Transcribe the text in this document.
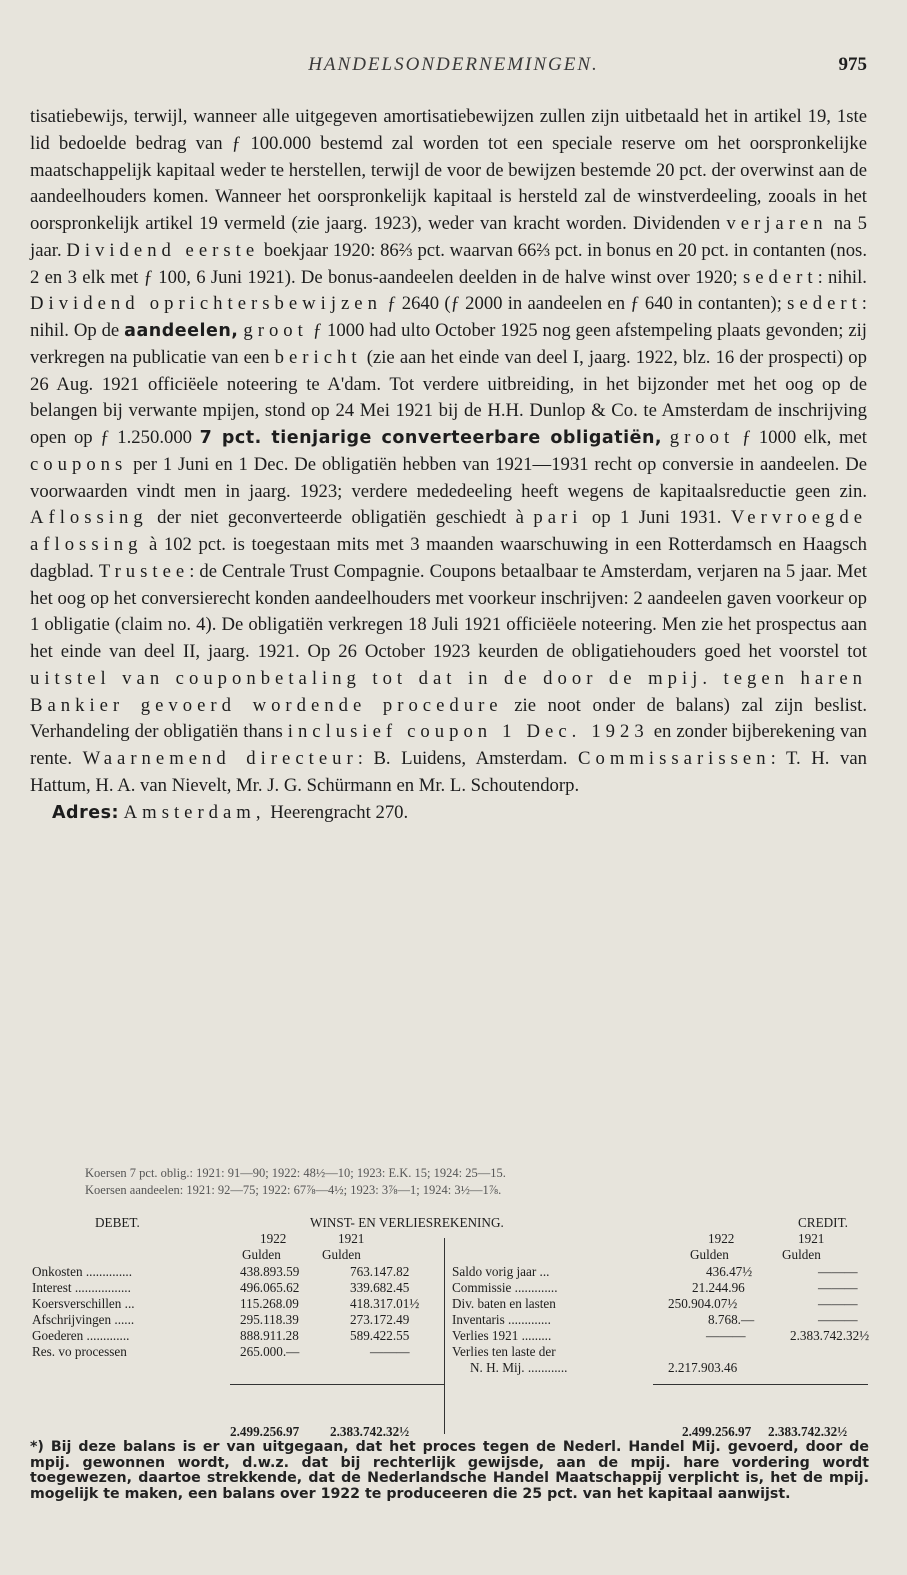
HANDELSONDERNEMINGEN.	975

tisatiebewijs, terwijl, wanneer alle uitgegeven amortisatiebewijzen zullen zijn uitbetaald het in artikel 19, 1ste lid bedoelde bedrag van ƒ 100.000 bestemd zal worden tot een speciale reserve om het oorspronkelijke maatschappelijk kapitaal weder te herstellen, terwijl de voor de bewijzen bestemde 20 pct. der overwinst aan de aandeelhouders komen. Wanneer het oorspronkelijk kapitaal is hersteld zal de winstverdeeling, zooals in het oorspronkelijk artikel 19 vermeld (zie jaarg. 1923), weder van kracht worden. Dividenden verjaren na 5 jaar. Dividend eerste boekjaar 1920: 86⅔ pct. waarvan 66⅔ pct. in bonus en 20 pct. in contanten (nos. 2 en 3 elk met ƒ 100, 6 Juni 1921). De bonus-aandeelen deelden in de halve winst over 1920; sedert: nihil. Dividend oprichtersbewijzen ƒ 2640 (ƒ 2000 in aandeelen en ƒ 640 in contanten); sedert: nihil. Op de aandeelen, groot ƒ 1000 had ulto October 1925 nog geen afstempeling plaats gevonden; zij verkregen na publicatie van een bericht (zie aan het einde van deel I, jaarg. 1922, blz. 16 der prospecti) op 26 Aug. 1921 officiëele noteering te A'dam. Tot verdere uitbreiding, in het bijzonder met het oog op de belangen bij verwante mpijen, stond op 24 Mei 1921 bij de H.H. Dunlop & Co. te Amsterdam de inschrijving open op ƒ 1.250.000 7 pct. tienjarige converteerbare obligatiën, groot ƒ 1000 elk, met coupons per 1 Juni en 1 Dec. De obligatiën hebben van 1921—1931 recht op conversie in aandeelen. De voorwaarden vindt men in jaarg. 1923; verdere mededeeling heeft wegens de kapitaalsreductie geen zin. Aflossing der niet geconverteerde obligatiën geschiedt à pari op 1 Juni 1931. Vervroegde aflossing à 102 pct. is toegestaan mits met 3 maanden waarschuwing in een Rotterdamsch en Haagsch dagblad. Trustee: de Centrale Trust Compagnie. Coupons betaalbaar te Amsterdam, verjaren na 5 jaar. Met het oog op het conversierecht konden aandeelhouders met voorkeur inschrijven: 2 aandeelen gaven voorkeur op 1 obligatie (claim no. 4). De obligatiën verkregen 18 Juli 1921 officiëele noteering. Men zie het prospectus aan het einde van deel II, jaarg. 1921. Op 26 October 1923 keurden de obligatiehouders goed het voorstel tot uitstel van couponbetaling tot dat in de door de mpij. tegen haren Bankier gevoerd wordende procedure zie noot onder de balans) zal zijn beslist. Verhandeling der obligatiën thans inclusief coupon 1 Dec. 1923 en zonder bijberekening van rente. Waarnemend directeur: B. Luidens, Amsterdam. Commissarissen: T. H. van Hattum, H. A. van Nievelt, Mr. J. G. Schürmann en Mr. L. Schoutendorp.

Adres: Amsterdam, Heerengracht 270.

Koersen 7 pct. oblig.: 1921: 91—90; 1922: 48½—10; 1923: E.K. 15; 1924: 25—15.
Koersen aandeelen: 1921: 92—75; 1922: 67⅞—4½; 1923: 3⅞—1; 1924: 3½—1⅞.
DEBET.	WINST- EN VERLIESREKENING.	CREDIT.
1922	1921	1922	1921
Gulden	Gulden	Gulden	Gulden
Onkosten ..............	438.893.59	763.147.82	Saldo vorig jaar ...	436.47½	———
Interest .................	496.065.62	339.682.45	Commissie .............	21.244.96	———
Koersverschillen ...	115.268.09	418.317.01½ Div. baten en lasten	250.904.07½	———
Afschrijvingen ......	295.118.39	273.172.49	Inventaris .............	8.768.—	———
Goederen .............	888.911.28	589.422.55	Verlies 1921 .........	———	2.383.742.32½
Res. vo processen	265.000.—	———	Verlies ten laste der
N. H. Mij. ............	2.217.903.46
2.499.256.97 2.383.742.32½	2.499.256.97 2.383.742.32½

*) Bij deze balans is er van uitgegaan, dat het proces tegen de Nederl. Handel Mij. gevoerd, door de mpij. gewonnen wordt, d.w.z. dat bij rechterlijk gewijsde, aan de mpij. hare vordering wordt toegewezen, daartoe strekkende, dat de Nederlandsche Handel Maatschappij verplicht is, het de mpij. mogelijk te maken, een balans over 1922 te produceeren die 25 pct. van het kapitaal aanwijst.
